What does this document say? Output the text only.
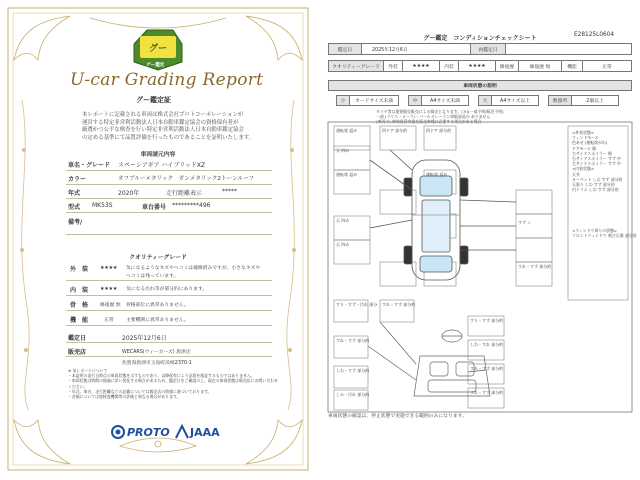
グー
グー鑑定
U-car Grading Report
グー鑑定証
本レポートに記載される車両は株式会社プロトコーポレーションが
運営する特定非営利活動法人日本自動車鑑定協会の資格保有者が
厳選かつ公平な検査を行い特定非営利活動法人日本自動車鑑定協会
の定める基準にて品質評価を行ったものであることを証明いたします。
車両請元内容
車名・グレード スペーシアギア ハイブリッドXZ
カラー	オフブルーメタリック　ガンメタリック2トーンルーフ
年式	2020年	走行距離表示	*****
型式 MK53S	車台番号 *********496
備考/
クオリティーグレード
外　装 ★★★★ 気になるようなキズやヘコミは補修済みですが、小さなキズや
ヘコミは残っています。
内　装 ★★★★ 気になる汚れ等が部分的にあります。
骨　格 修復歴 無 骨格部位に異常ありません。
機　能	正常	主要機関に異常ありません。
鑑定日	2025年12月6日
販売店	WECARS(ウィーカーズ) 唐津店
佐賀県唐津市玉島町浜崎2370-1
※ 気レポートについて
・本証明の発行日時点の車両状態を示すものであり、以降保有により品質を保証するものではありません。
・車両状態は時間の経過に伴い変化する場合があるため、鑑定日をご確認の上、現在の車両状態は販売店にお問い合わせください。
・年式、車名、走行距離などの記載については販売店の情報に基づいております。
・評価については他検査機関等の評価と異なる場合があります。
PROTO JAAA
E28125L0604
グー鑑定　コンディションチェックシート
鑑定日	2025年12月6日	再鑑定日
クオリティーグレード	外装	★★★★	内装	★★★★	修復歴	修復歴 無	機能	正常
車両状態の説明
小	カードサイズ未満	中	A4サイズ未満	大	A4サイズ以上	数箇所	2個以上
タイヤ等は重要販売販売による販売となります。(Ｓ)(一部不明/販売不明)
一部 (ラリス・メーラ)・パールオレーラン車販部品の ありません
(車両の) 車検経済実施を販売車種に必要する場合がある場合
運転席 返め	四ドア 部分的	四ドア 部分的
天 四め
運転席 返め	運転席 返め
天 四め
天 四め
すず ☆
すり・すず・汚れ 部分 すれ・すず 部分的
すり・すず 部分的
しわ・すれ 部分的
すれ・すず 部分的
すれ・すず 部分的
しわ・すず 部分的
しみ・汚れ 部分的	すれ・すず 部分的
すれ・すず 部分的
<外装状態>
ウィンドモール
色あせ (運転席がわ)
ドアモール 傷
左サイドスポイラー 傷
右サイドスポイラー すず 中
左サイドスポイラー すず 中
<内装状態>
天井
カーペット しわ すず 部分的
天張り しわ すず 部分的
内トリム しわ すず 部分的
<ウィンドウ周りの状態>
フロントウィンドウ 飛び石傷 部分的
車両状態の確認は、停止状態で実施できる範囲のみになります。
